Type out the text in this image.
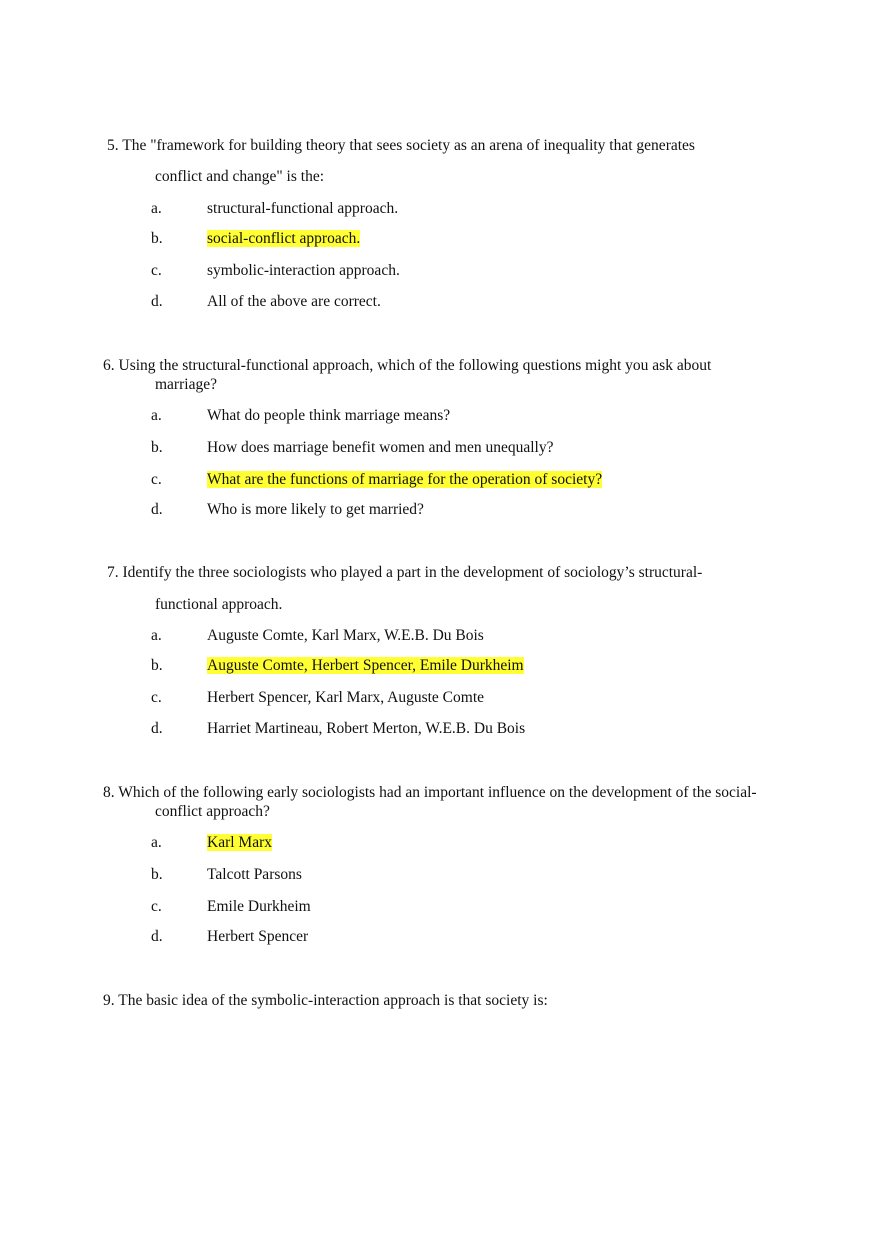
5. The "framework for building theory that sees society as an arena of inequality that generates
conflict and change" is the:
a.	structural-functional approach.
b.	social-conflict approach.
c.	symbolic-interaction approach.
d.	All of the above are correct.
6. Using the structural-functional approach, which of the following questions might you ask about
marriage?
a.	What do people think marriage means?
b.	How does marriage benefit women and men unequally?
c.	What are the functions of marriage for the operation of society?
d.	Who is more likely to get married?
7. Identify the three sociologists who played a part in the development of sociology’s structural-
functional approach.
a.	Auguste Comte, Karl Marx, W.E.B. Du Bois
b.	Auguste Comte, Herbert Spencer, Emile Durkheim
c.	Herbert Spencer, Karl Marx, Auguste Comte
d.	Harriet Martineau, Robert Merton, W.E.B. Du Bois
8. Which of the following early sociologists had an important influence on the development of the social-
conflict approach?
a.	Karl Marx
b.	Talcott Parsons
c.	Emile Durkheim
d.	Herbert Spencer
9. The basic idea of the symbolic-interaction approach is that society is:
